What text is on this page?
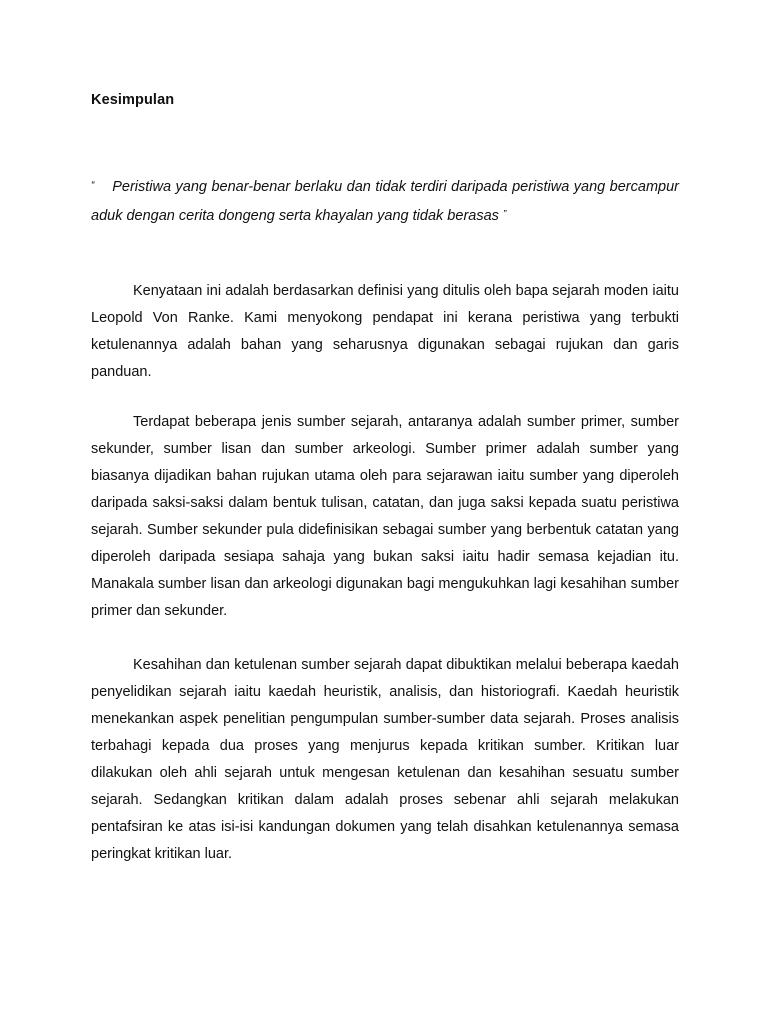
Kesimpulan

“ Peristiwa yang benar-benar berlaku dan tidak terdiri daripada peristiwa yang bercampur aduk dengan cerita dongeng serta khayalan yang tidak berasas ”

Kenyataan ini adalah berdasarkan definisi yang ditulis oleh bapa sejarah moden iaitu Leopold Von Ranke. Kami menyokong pendapat ini kerana peristiwa yang terbukti ketulenannya adalah bahan yang seharusnya digunakan sebagai rujukan dan garis panduan.

Terdapat beberapa jenis sumber sejarah, antaranya adalah sumber primer, sumber sekunder, sumber lisan dan sumber arkeologi. Sumber primer adalah sumber yang biasanya dijadikan bahan rujukan utama oleh para sejarawan iaitu sumber yang diperoleh daripada saksi-saksi dalam bentuk tulisan, catatan, dan juga saksi kepada suatu peristiwa sejarah. Sumber sekunder pula didefinisikan sebagai sumber yang berbentuk catatan yang diperoleh daripada sesiapa sahaja yang bukan saksi iaitu hadir semasa kejadian itu. Manakala sumber lisan dan arkeologi digunakan bagi mengukuhkan lagi kesahihan sumber primer dan sekunder.

Kesahihan dan ketulenan sumber sejarah dapat dibuktikan melalui beberapa kaedah penyelidikan sejarah iaitu kaedah heuristik, analisis, dan historiografi. Kaedah heuristik menekankan aspek penelitian pengumpulan sumber-sumber data sejarah. Proses analisis terbahagi kepada dua proses yang menjurus kepada kritikan sumber. Kritikan luar dilakukan oleh ahli sejarah untuk mengesan ketulenan dan kesahihan sesuatu sumber sejarah. Sedangkan kritikan dalam adalah proses sebenar ahli sejarah melakukan pentafsiran ke atas isi-isi kandungan dokumen yang telah disahkan ketulenannya semasa peringkat kritikan luar.
